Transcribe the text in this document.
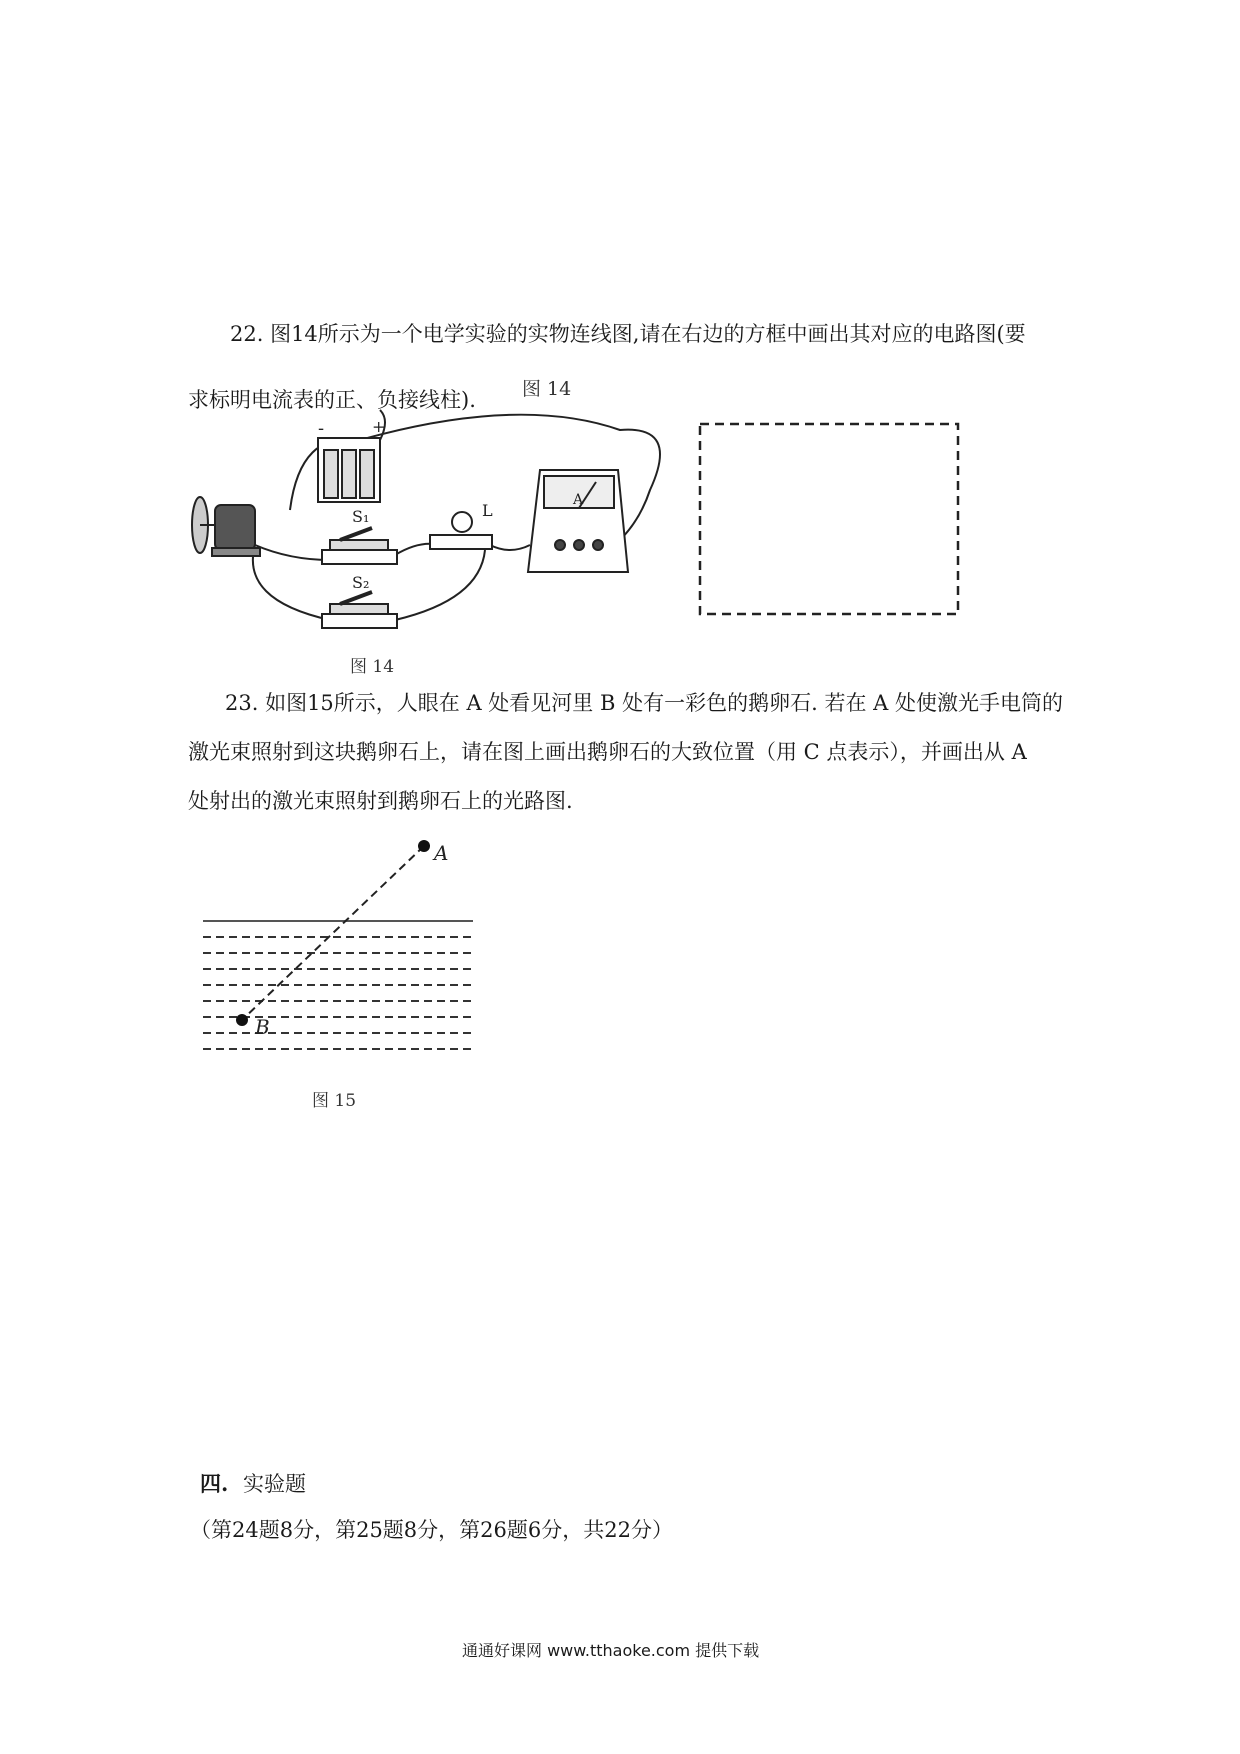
22. 图14所示为一个电学实验的实物连线图,请在右边的方框中画出其对应的电路图(要
求标明电流表的正、负接线柱). 图 14
-	+
S₁
S₂
L
A
图 14
23. 如图15所示，人眼在 A 处看见河里 B 处有一彩色的鹅卵石. 若在 A 处使激光手电筒的
激光束照射到这块鹅卵石上，请在图上画出鹅卵石的大致位置（用 C 点表示），并画出从 A
处射出的激光束照射到鹅卵石上的光路图.
A
B
图 15
四. 实验题
（第24题8分，第25题8分，第26题6分，共22分）
通通好课网 www.tthaoke.com 提供下载
